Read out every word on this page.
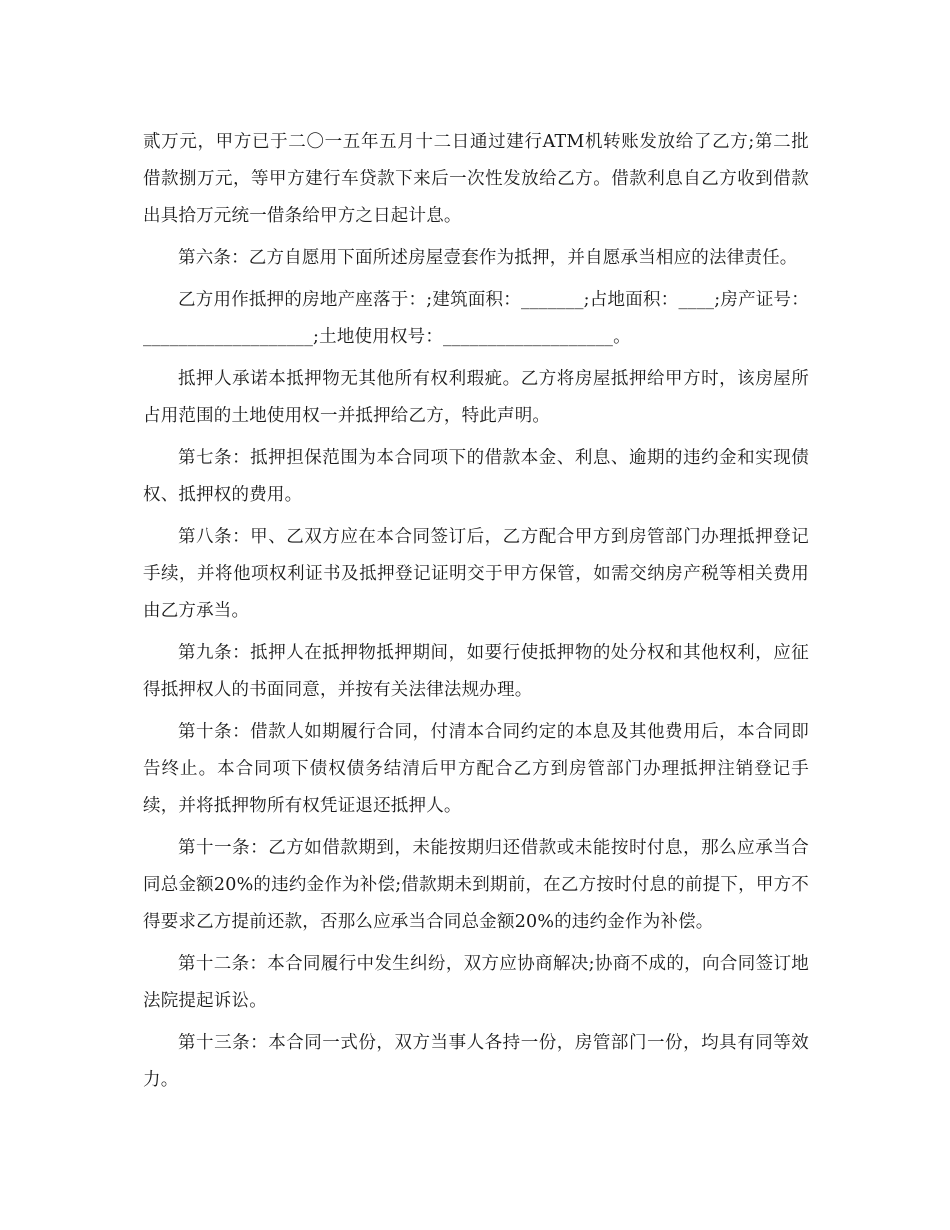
贰万元，甲方已于二〇一五年五月十二日通过建行ATM机转账发放给了乙方;第二批借款捌万元，等甲方建行车贷款下来后一次性发放给乙方。借款利息自乙方收到借款出具拾万元统一借条给甲方之日起计息。

第六条：乙方自愿用下面所述房屋壹套作为抵押，并自愿承当相应的法律责任。

乙方用作抵押的房地产座落于：;建筑面积：_______;占地面积：____;房产证号：___________________;土地使用权号：___________________。

抵押人承诺本抵押物无其他所有权利瑕疵。乙方将房屋抵押给甲方时，该房屋所占用范围的土地使用权一并抵押给乙方，特此声明。

第七条：抵押担保范围为本合同项下的借款本金、利息、逾期的违约金和实现债权、抵押权的费用。

第八条：甲、乙双方应在本合同签订后，乙方配合甲方到房管部门办理抵押登记手续，并将他项权利证书及抵押登记证明交于甲方保管，如需交纳房产税等相关费用由乙方承当。

第九条：抵押人在抵押物抵押期间，如要行使抵押物的处分权和其他权利，应征得抵押权人的书面同意，并按有关法律法规办理。

第十条：借款人如期履行合同，付清本合同约定的本息及其他费用后，本合同即告终止。本合同项下债权债务结清后甲方配合乙方到房管部门办理抵押注销登记手续，并将抵押物所有权凭证退还抵押人。

第十一条：乙方如借款期到，未能按期归还借款或未能按时付息，那么应承当合同总金额20%的违约金作为补偿;借款期未到期前，在乙方按时付息的前提下，甲方不得要求乙方提前还款，否那么应承当合同总金额20%的违约金作为补偿。

第十二条：本合同履行中发生纠纷，双方应协商解决;协商不成的，向合同签订地法院提起诉讼。

第十三条：本合同一式份，双方当事人各持一份，房管部门一份，均具有同等效力。
